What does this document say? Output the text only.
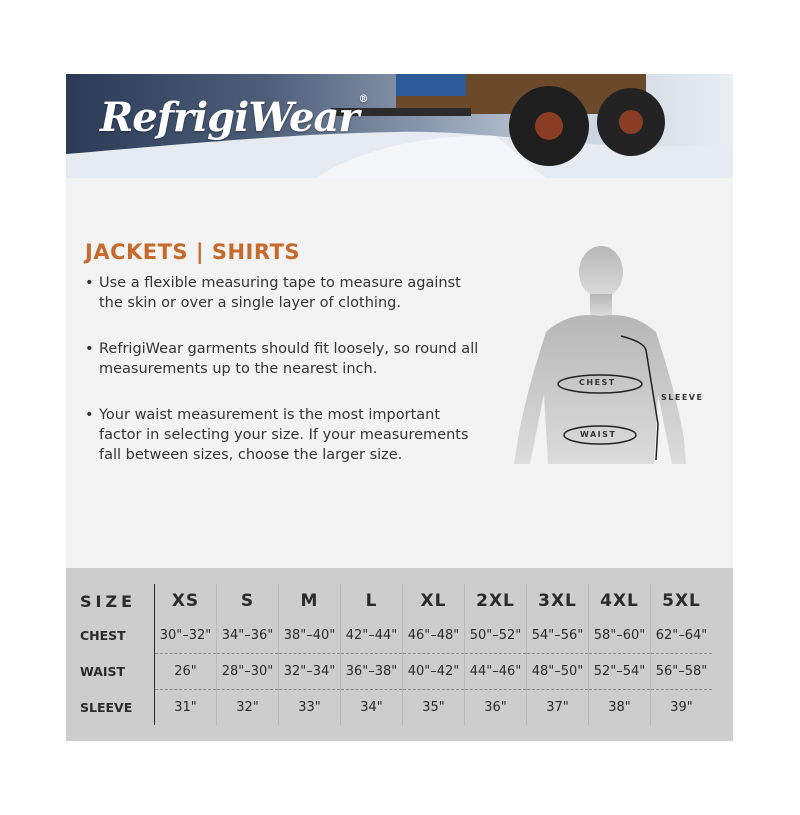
RefrigiWear®
JACKETS | SHIRTS
• Use a flexible measuring tape to measure against the skin or over a single layer of clothing.
• RefrigiWear garments should fit loosely, so round all measurements up to the nearest inch.
• Your waist measurement is the most important factor in selecting your size. If your measurements fall between sizes, choose the larger size.
CHEST
WAIST
SLEEVE
SIZE	XS	S	M	L	XL	2XL	3XL	4XL	5XL
CHEST	30"–32"	34"–36"	38"–40"	42"–44"	46"–48"	50"–52"	54"–56"	58"–60"	62"–64"
WAIST	26"	28"–30"	32"–34"	36"–38"	40"–42"	44"–46"	48"–50"	52"–54"	56"–58"
SLEEVE	31"	32"	33"	34"	35"	36"	37"	38"	39"
